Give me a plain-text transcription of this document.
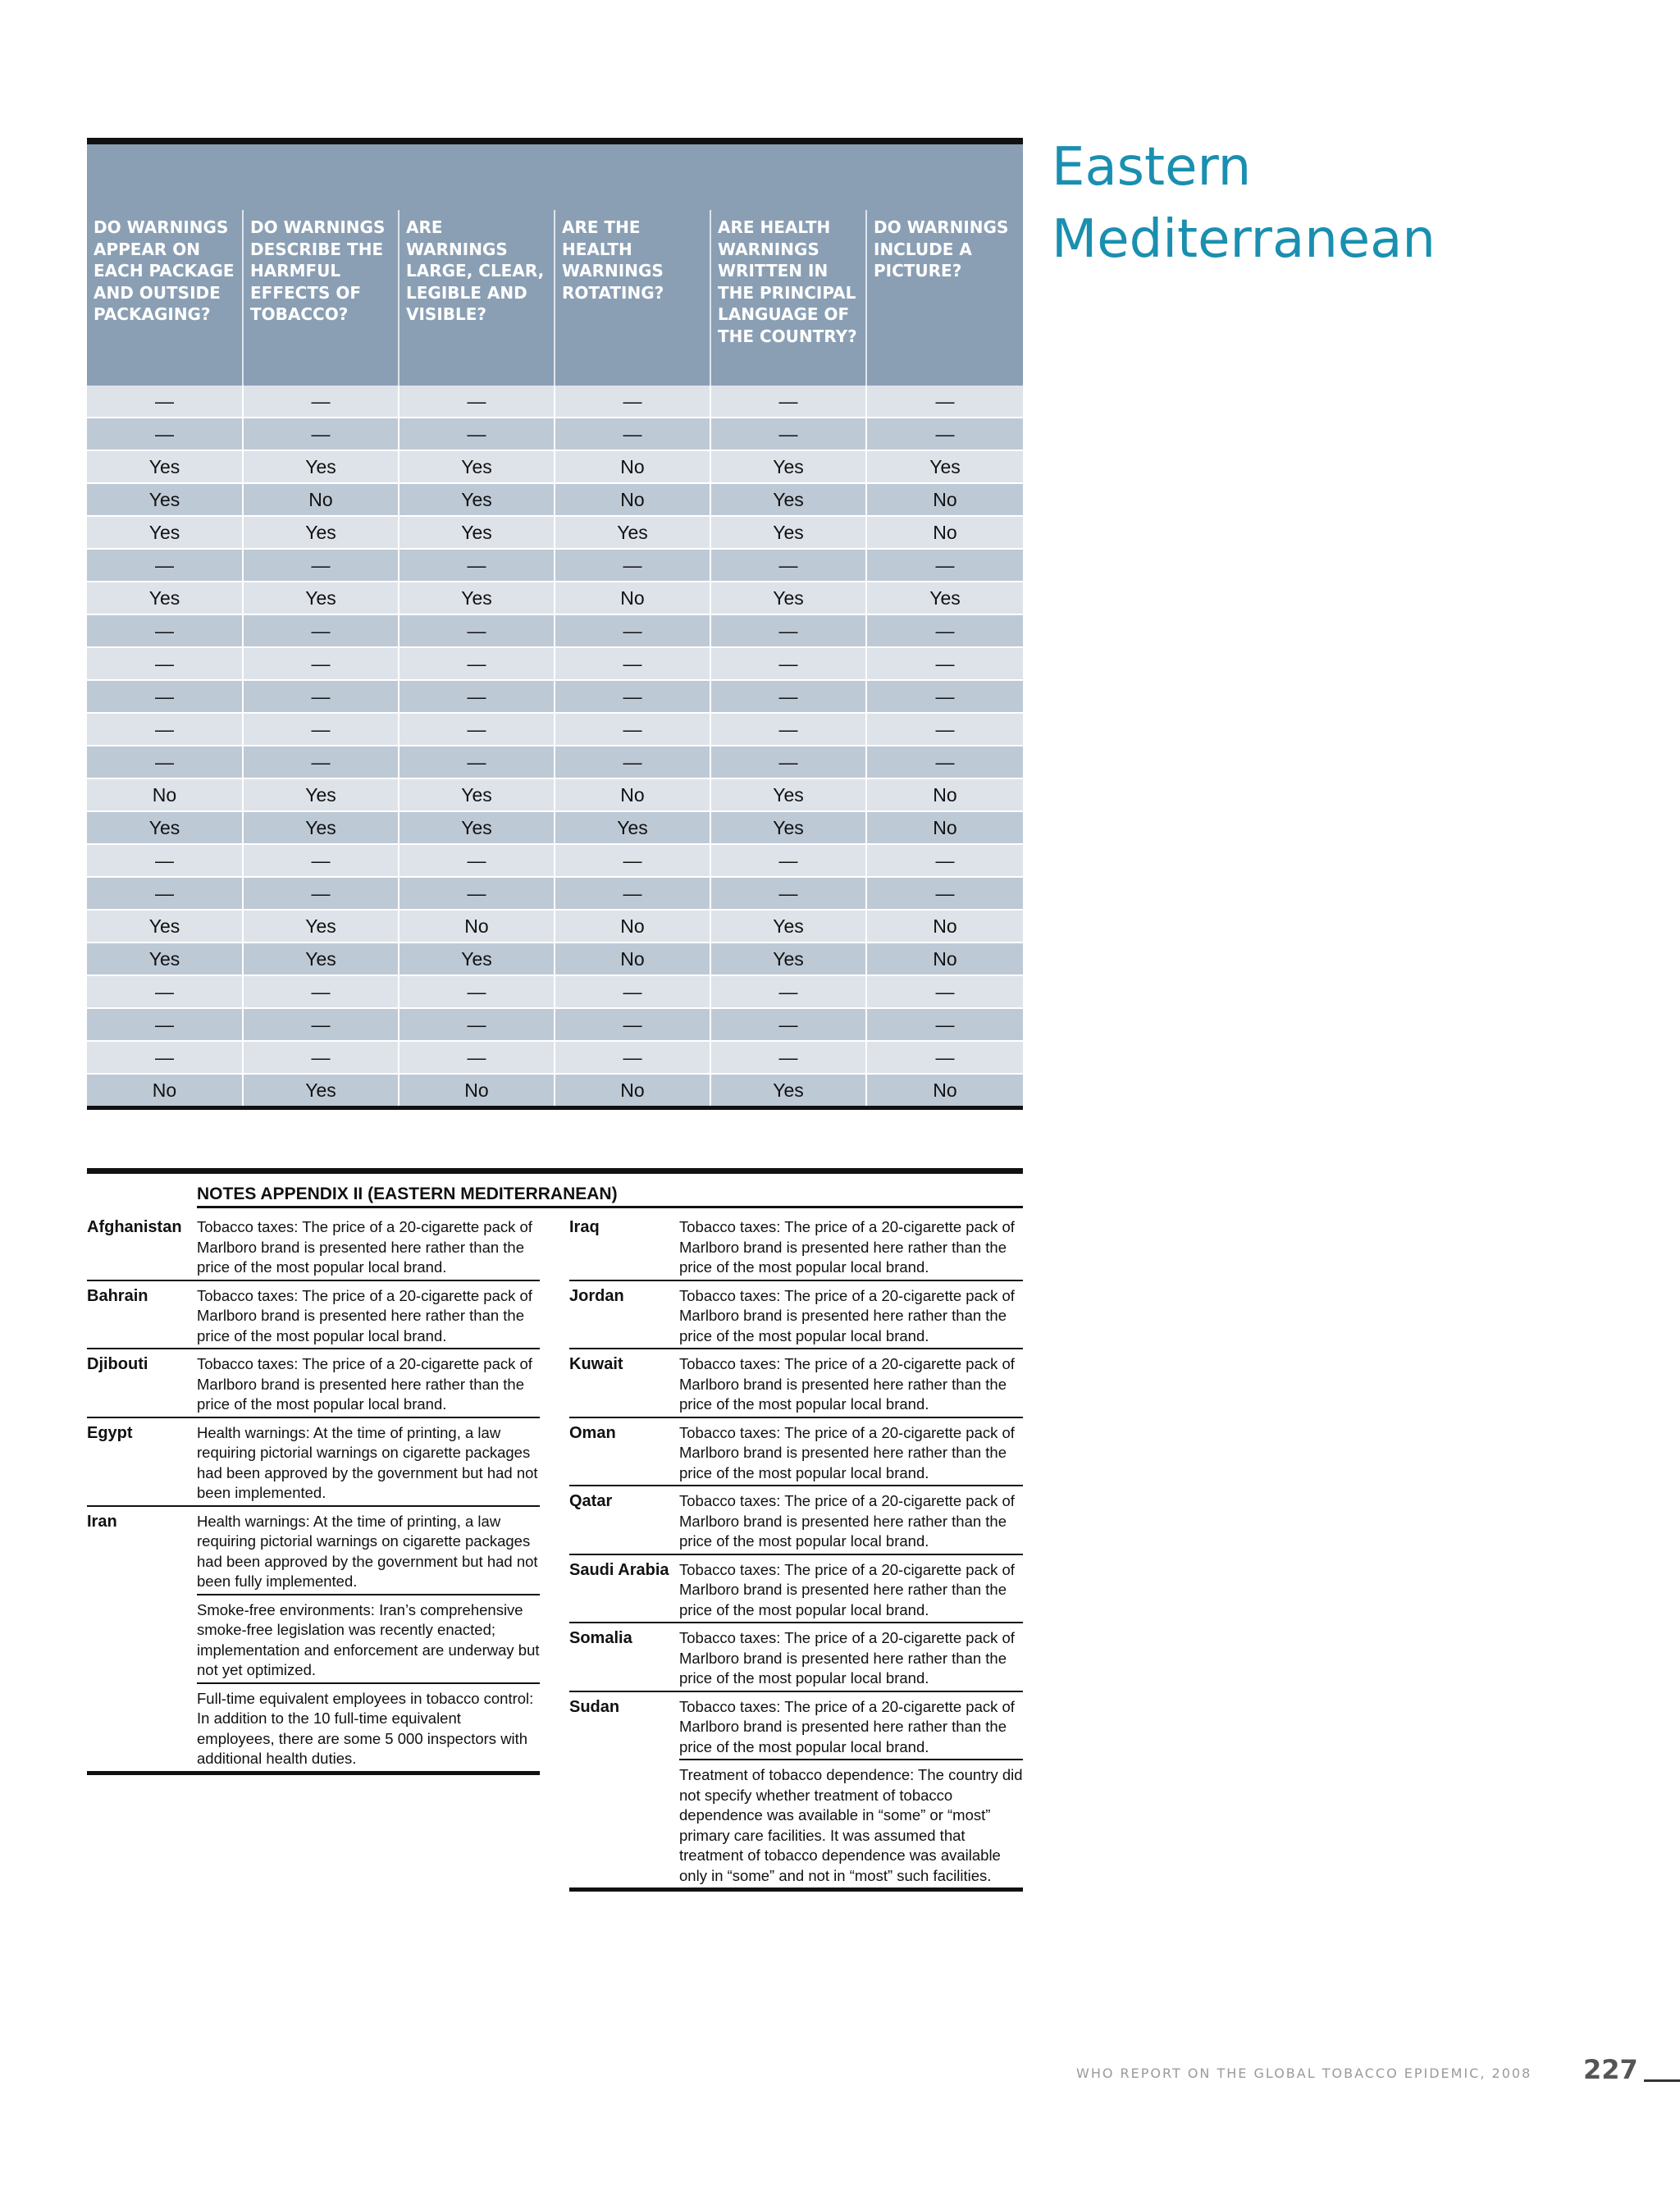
Eastern
Mediterranean

DO WARNINGS APPEAR ON EACH PACKAGE AND OUTSIDE PACKAGING?	DO WARNINGS DESCRIBE THE HARMFUL EFFECTS OF TOBACCO?	ARE WARNINGS LARGE, CLEAR, LEGIBLE AND VISIBLE?	ARE THE HEALTH WARNINGS ROTATING?	ARE HEALTH WARNINGS WRITTEN IN THE PRINCIPAL LANGUAGE OF THE COUNTRY?	DO WARNINGS INCLUDE A PICTURE?
—	—	—	—	—	—
—	—	—	—	—	—
Yes	Yes	Yes	No	Yes	Yes
Yes	No	Yes	No	Yes	No
Yes	Yes	Yes	Yes	Yes	No
—	—	—	—	—	—
Yes	Yes	Yes	No	Yes	Yes
—	—	—	—	—	—
—	—	—	—	—	—
—	—	—	—	—	—
—	—	—	—	—	—
—	—	—	—	—	—
No	Yes	Yes	No	Yes	No
Yes	Yes	Yes	Yes	Yes	No
—	—	—	—	—	—
—	—	—	—	—	—
Yes	Yes	No	No	Yes	No
Yes	Yes	Yes	No	Yes	No
—	—	—	—	—	—
—	—	—	—	—	—
—	—	—	—	—	—
No	Yes	No	No	Yes	No
NOTES APPENDIX II (EASTERN MEDITERRANEAN)
Afghanistan Tobacco taxes: The price of a 20-cigarette pack of Marlboro brand is presented here rather than the price of the most popular local brand.
Bahrain	Tobacco taxes: The price of a 20-cigarette pack of Marlboro brand is presented here rather than the price of the most popular local brand.
Djibouti	Tobacco taxes: The price of a 20-cigarette pack of Marlboro brand is presented here rather than the price of the most popular local brand.
Egypt	Health warnings: At the time of printing, a law requiring pictorial warnings on cigarette packages had been approved by the government but had not been implemented.
Iran	Health warnings: At the time of printing, a law requiring pictorial warnings on cigarette packages had been approved by the government but had not been fully implemented.
Smoke-free environments: Iran’s comprehensive smoke-free legislation was recently enacted; implementation and enforcement are underway but not yet optimized.
Full-time equivalent employees in tobacco control: In addition to the 10 full-time equivalent employees, there are some 5 000 inspectors with additional health duties.
Iraq	Tobacco taxes: The price of a 20-cigarette pack of Marlboro brand is presented here rather than the price of the most popular local brand.
Jordan	Tobacco taxes: The price of a 20-cigarette pack of Marlboro brand is presented here rather than the price of the most popular local brand.
Kuwait	Tobacco taxes: The price of a 20-cigarette pack of Marlboro brand is presented here rather than the price of the most popular local brand.
Oman	Tobacco taxes: The price of a 20-cigarette pack of Marlboro brand is presented here rather than the price of the most popular local brand.
Qatar	Tobacco taxes: The price of a 20-cigarette pack of Marlboro brand is presented here rather than the price of the most popular local brand.
Saudi Arabia Tobacco taxes: The price of a 20-cigarette pack of Marlboro brand is presented here rather than the price of the most popular local brand.
Somalia	Tobacco taxes: The price of a 20-cigarette pack of Marlboro brand is presented here rather than the price of the most popular local brand.
Sudan	Tobacco taxes: The price of a 20-cigarette pack of Marlboro brand is presented here rather than the price of the most popular local brand.
Treatment of tobacco dependence: The country did not specify whether treatment of tobacco dependence was available in “some” or “most” primary care facilities. It was assumed that treatment of tobacco dependence was available only in “some” and not in “most” such facilities.
WHO REPORT ON THE GLOBAL TOBACCO EPIDEMIC, 2008 227
